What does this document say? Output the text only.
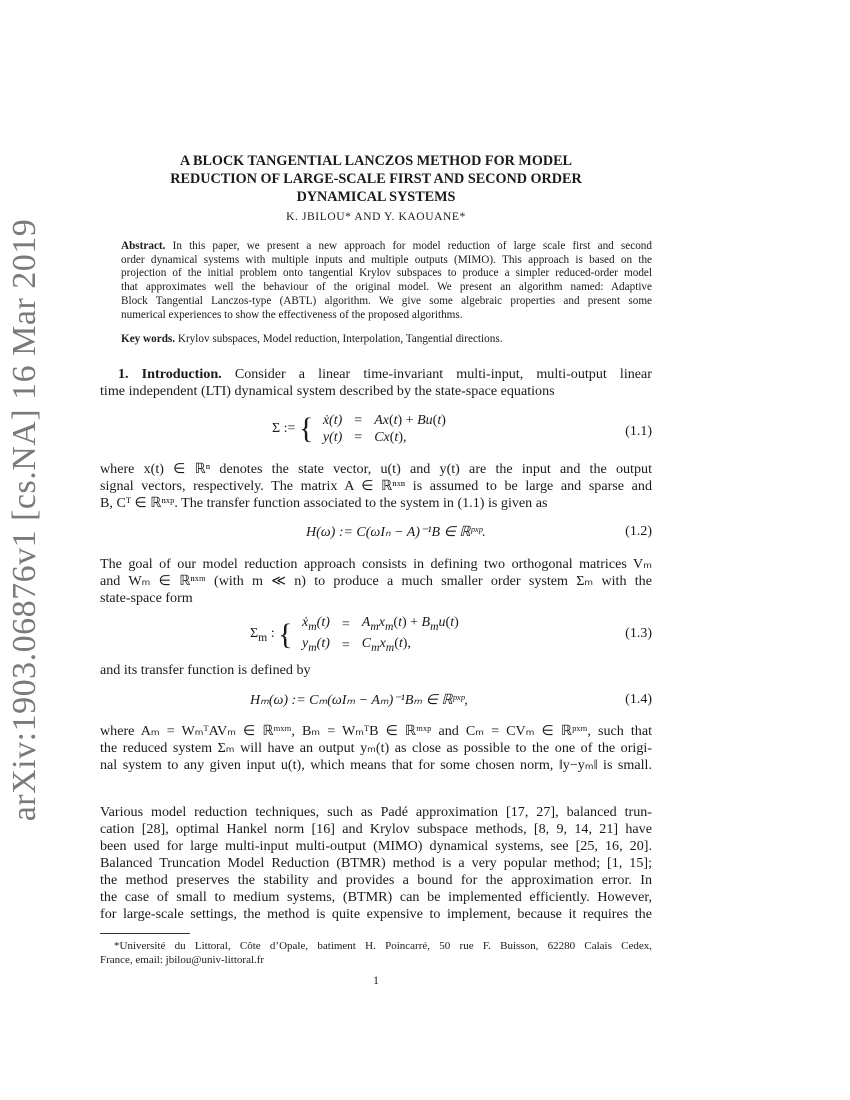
arXiv:1903.06876v1 [cs.NA] 16 Mar 2019
A BLOCK TANGENTIAL LANCZOS METHOD FOR MODEL
REDUCTION OF LARGE-SCALE FIRST AND SECOND ORDER
DYNAMICAL SYSTEMS
K. JBILOU* AND Y. KAOUANE*
Abstract. In this paper, we present a new approach for model reduction of large scale first and second
order dynamical systems with multiple inputs and multiple outputs (MIMO). This approach is based on the
projection of the initial problem onto tangential Krylov subspaces to produce a simpler reduced-order model
that approximates well the behaviour of the original model. We present an algorithm named: Adaptive
Block Tangential Lanczos-type (ABTL) algorithm. We give some algebraic properties and present some
numerical experiences to show the effectiveness of the proposed algorithms.
Key words. Krylov subspaces, Model reduction, Interpolation, Tangential directions.
1. Introduction. Consider a linear time-invariant multi-input, multi-output linear
time independent (LTI) dynamical system described by the state-space equations
Σ := { ẋ(t)	=	Ax(t) + Bu(t)
y(t)	=	Cx(t),	(1.1)
where x(t) ∈ ℝⁿ denotes the state vector, u(t) and y(t) are the input and the output
signal vectors, respectively. The matrix A ∈ ℝⁿˣⁿ is assumed to be large and sparse and
B, Cᵀ ∈ ℝⁿˣᵖ. The transfer function associated to the system in (1.1) is given as
H(ω) := C(ωIₙ − A)⁻¹B ∈ ℝᵖˣᵖ.	(1.2)
The goal of our model reduction approach consists in defining two orthogonal matrices Vₘ
and Wₘ ∈ ℝⁿˣᵐ (with m ≪ n) to produce a much smaller order system Σₘ with the
state-space form
$\Sigma_m$ : { ẋ$_m$(t)	=	$A_mx_m(t) + B_mu(t)$
$y_m(t)$	=	$C_mx_m(t)$,
(1.3)
and its transfer function is defined by
Hₘ(ω) := Cₘ(ωIₘ − Aₘ)⁻¹Bₘ ∈ ℝᵖˣᵖ,	(1.4)
where Aₘ = WₘᵀAVₘ ∈ ℝᵐˣᵐ, Bₘ = WₘᵀB ∈ ℝᵐˣᵖ and Cₘ = CVₘ ∈ ℝᵖˣᵐ, such that
the reduced system Σₘ will have an output yₘ(t) as close as possible to the one of the origi-
nal system to any given input u(t), which means that for some chosen norm, ‖y−yₘ‖ is small.
Various model reduction techniques, such as Padé approximation [17, 27], balanced trun-
cation [28], optimal Hankel norm [16] and Krylov subspace methods, [8, 9, 14, 21] have
been used for large multi-input multi-output (MIMO) dynamical systems, see [25, 16, 20].
Balanced Truncation Model Reduction (BTMR) method is a very popular method; [1, 15];
the method preserves the stability and provides a bound for the approximation error. In
the case of small to medium systems, (BTMR) can be implemented efficiently. However,
for large-scale settings, the method is quite expensive to implement, because it requires the
*Université du Littoral, Côte d’Opale, batiment H. Poincarré, 50 rue F. Buisson, 62280 Calais Cedex,
France, email: jbilou@univ-littoral.fr
1
